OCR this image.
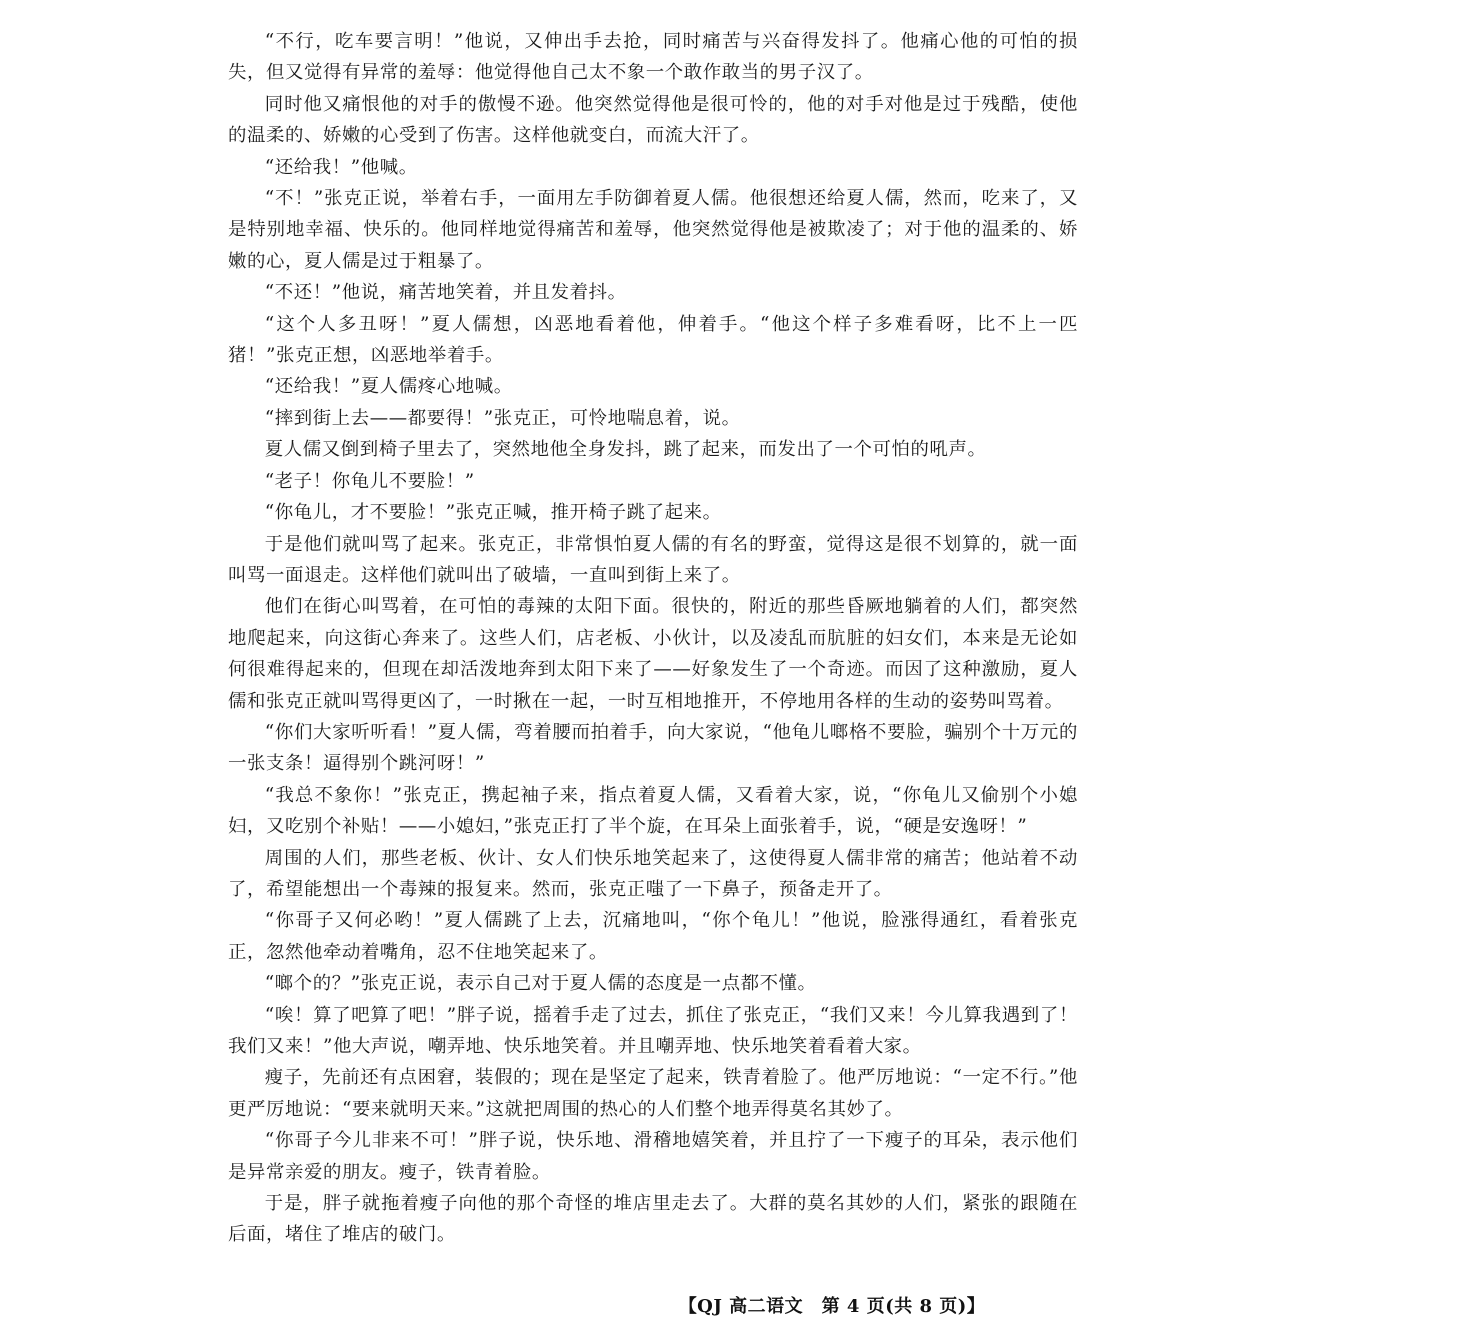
“不行，吃车要言明！”他说，又伸出手去抢，同时痛苦与兴奋得发抖了。他痛心他的可怕的损失，但又觉得有异常的羞辱：他觉得他自己太不象一个敢作敢当的男子汉了。

同时他又痛恨他的对手的傲慢不逊。他突然觉得他是很可怜的，他的对手对他是过于残酷，使他的温柔的、娇嫩的心受到了伤害。这样他就变白，而流大汗了。

“还给我！”他喊。

“不！”张克正说，举着右手，一面用左手防御着夏人儒。他很想还给夏人儒，然而，吃来了，又是特别地幸福、快乐的。他同样地觉得痛苦和羞辱，他突然觉得他是被欺凌了；对于他的温柔的、娇嫩的心，夏人儒是过于粗暴了。

“不还！”他说，痛苦地笑着，并且发着抖。

“这个人多丑呀！”夏人儒想，凶恶地看着他，伸着手。“他这个样子多难看呀，比不上一匹猪！”张克正想，凶恶地举着手。

“还给我！”夏人儒疼心地喊。

“摔到街上去——都要得！”张克正，可怜地喘息着，说。

夏人儒又倒到椅子里去了，突然地他全身发抖，跳了起来，而发出了一个可怕的吼声。

“老子！你龟儿不要脸！”

“你龟儿，才不要脸！”张克正喊，推开椅子跳了起来。

于是他们就叫骂了起来。张克正，非常惧怕夏人儒的有名的野蛮，觉得这是很不划算的，就一面叫骂一面退走。这样他们就叫出了破墙，一直叫到街上来了。

他们在街心叫骂着，在可怕的毒辣的太阳下面。很快的，附近的那些昏厥地躺着的人们，都突然地爬起来，向这街心奔来了。这些人们，店老板、小伙计，以及凌乱而肮脏的妇女们，本来是无论如何很难得起来的，但现在却活泼地奔到太阳下来了——好象发生了一个奇迹。而因了这种激励，夏人儒和张克正就叫骂得更凶了，一时揪在一起，一时互相地推开，不停地用各样的生动的姿势叫骂着。

“你们大家听听看！”夏人儒，弯着腰而拍着手，向大家说，“他龟儿啷格不要脸，骗别个十万元的一张支条！逼得别个跳河呀！”

“我总不象你！”张克正，携起袖子来，指点着夏人儒，又看着大家，说，“你龟儿又偷别个小媳妇，又吃别个补贴！——小媳妇，”张克正打了半个旋，在耳朵上面张着手，说，“硬是安逸呀！”

周围的人们，那些老板、伙计、女人们快乐地笑起来了，这使得夏人儒非常的痛苦；他站着不动了，希望能想出一个毒辣的报复来。然而，张克正嗤了一下鼻子，预备走开了。

“你哥子又何必哟！”夏人儒跳了上去，沉痛地叫，“你个龟儿！”他说，脸涨得通红，看着张克正，忽然他牵动着嘴角，忍不住地笑起来了。

“啷个的？”张克正说，表示自己对于夏人儒的态度是一点都不懂。

“唉！算了吧算了吧！”胖子说，摇着手走了过去，抓住了张克正，“我们又来！今儿算我遇到了！我们又来！”他大声说，嘲弄地、快乐地笑着。并且嘲弄地、快乐地笑着看着大家。

瘦子，先前还有点困窘，装假的；现在是坚定了起来，铁青着脸了。他严厉地说：“一定不行。”他更严厉地说：“要来就明天来。”这就把周围的热心的人们整个地弄得莫名其妙了。

“你哥子今儿非来不可！”胖子说，快乐地、滑稽地嬉笑着，并且拧了一下瘦子的耳朵，表示他们是异常亲爱的朋友。瘦子，铁青着脸。

于是，胖子就拖着瘦子向他的那个奇怪的堆店里走去了。大群的莫名其妙的人们，紧张的跟随在后面，堵住了堆店的破门。

【QJ 高二语文　第 4 页(共 8 页)】
